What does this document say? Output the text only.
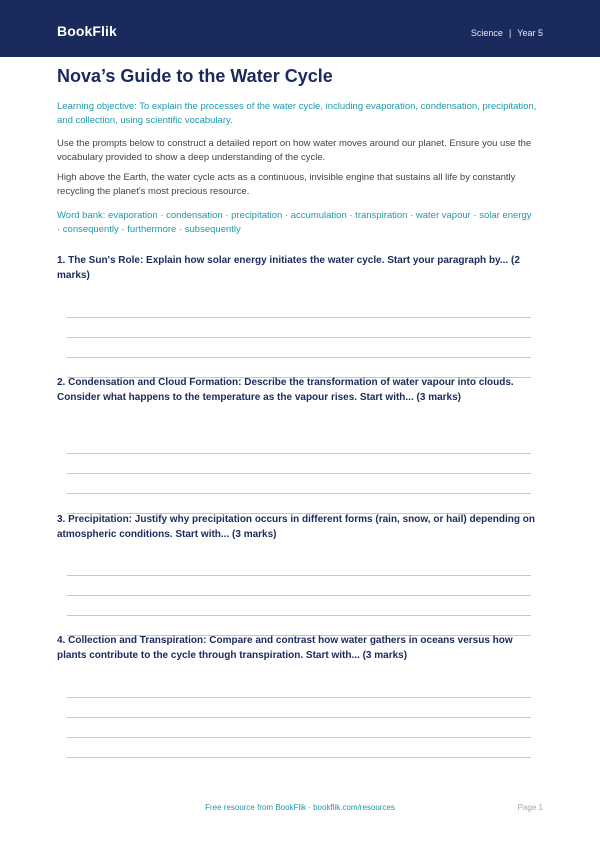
BookFlik	Science | Year 5
Nova’s Guide to the Water Cycle

Learning objective: To explain the processes of the water cycle, including evaporation, condensation, precipitation, and collection, using scientific vocabulary.

Use the prompts below to construct a detailed report on how water moves around our planet. Ensure you use the vocabulary provided to show a deep understanding of the cycle.

High above the Earth, the water cycle acts as a continuous, invisible engine that sustains all life by constantly recycling the planet's most precious resource.

Word bank: evaporation · condensation · precipitation · accumulation · transpiration · water vapour · solar energy · consequently · furthermore · subsequently

1. The Sun's Role: Explain how solar energy initiates the water cycle. Start your paragraph by... (2 marks)

2. Condensation and Cloud Formation: Describe the transformation of water vapour into clouds. Consider what happens to the temperature as the vapour rises. Start with... (3 marks)

3. Precipitation: Justify why precipitation occurs in different forms (rain, snow, or hail) depending on atmospheric conditions. Start with... (3 marks)

4. Collection and Transpiration: Compare and contrast how water gathers in oceans versus how plants contribute to the cycle through transpiration. Start with... (3 marks)

Free resource from BookFlik · bookflik.com/resources	Page 1
